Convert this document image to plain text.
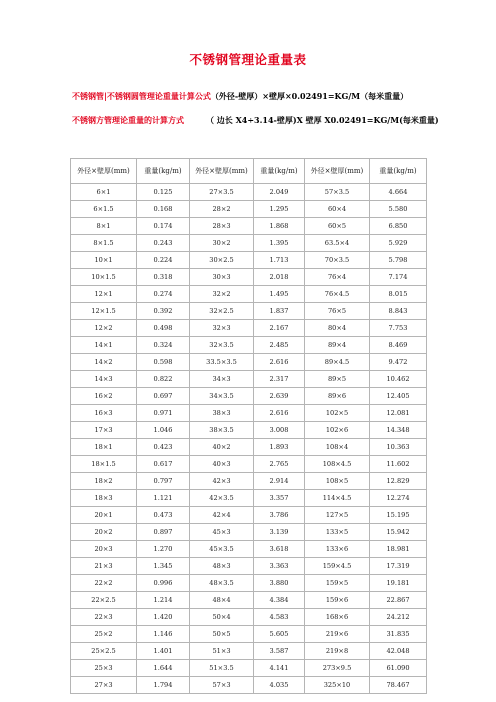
不锈钢管理论重量表
不锈钢管|不锈钢圆管理论重量计算公式（外径-壁厚）×壁厚×0.02491=KG/M（每米重量）
不锈钢方管理论重量的计算方式	（ 边长 X4÷3.14-壁厚)X 壁厚 X0.02491=KG/M(每米重量)
外径×壁厚(mm)	重量(kg/m)	外径×壁厚(mm)	重量(kg/m)	外径×壁厚(mm)	重量(kg/m)
6×1	0.125	27×3.5	2.049	57×3.5	4.664
6×1.5	0.168	28×2	1.295	60×4	5.580
8×1	0.174	28×3	1.868	60×5	6.850
8×1.5	0.243	30×2	1.395	63.5×4	5.929
10×1	0.224	30×2.5	1.713	70×3.5	5.798
10×1.5	0.318	30×3	2.018	76×4	7.174
12×1	0.274	32×2	1.495	76×4.5	8.015
12×1.5	0.392	32×2.5	1.837	76×5	8.843
12×2	0.498	32×3	2.167	80×4	7.753
14×1	0.324	32×3.5	2.485	89×4	8.469
14×2	0.598	33.5×3.5	2.616	89×4.5	9.472
14×3	0.822	34×3	2.317	89×5	10.462
16×2	0.697	34×3.5	2.639	89×6	12.405
16×3	0.971	38×3	2.616	102×5	12.081
17×3	1.046	38×3.5	3.008	102×6	14.348
18×1	0.423	40×2	1.893	108×4	10.363
18×1.5	0.617	40×3	2.765	108×4.5	11.602
18×2	0.797	42×3	2.914	108×5	12.829
18×3	1.121	42×3.5	3.357	114×4.5	12.274
20×1	0.473	42×4	3.786	127×5	15.195
20×2	0.897	45×3	3.139	133×5	15.942
20×3	1.270	45×3.5	3.618	133×6	18.981
21×3	1.345	48×3	3.363	159×4.5	17.319
22×2	0.996	48×3.5	3.880	159×5	19.181
22×2.5	1.214	48×4	4.384	159×6	22.867
22×3	1.420	50×4	4.583	168×6	24.212
25×2	1.146	50×5	5.605	219×6	31.835
25×2.5	1.401	51×3	3.587	219×8	42.048
25×3	1.644	51×3.5	4.141	273×9.5	61.090
27×3	1.794	57×3	4.035	325×10	78.467
